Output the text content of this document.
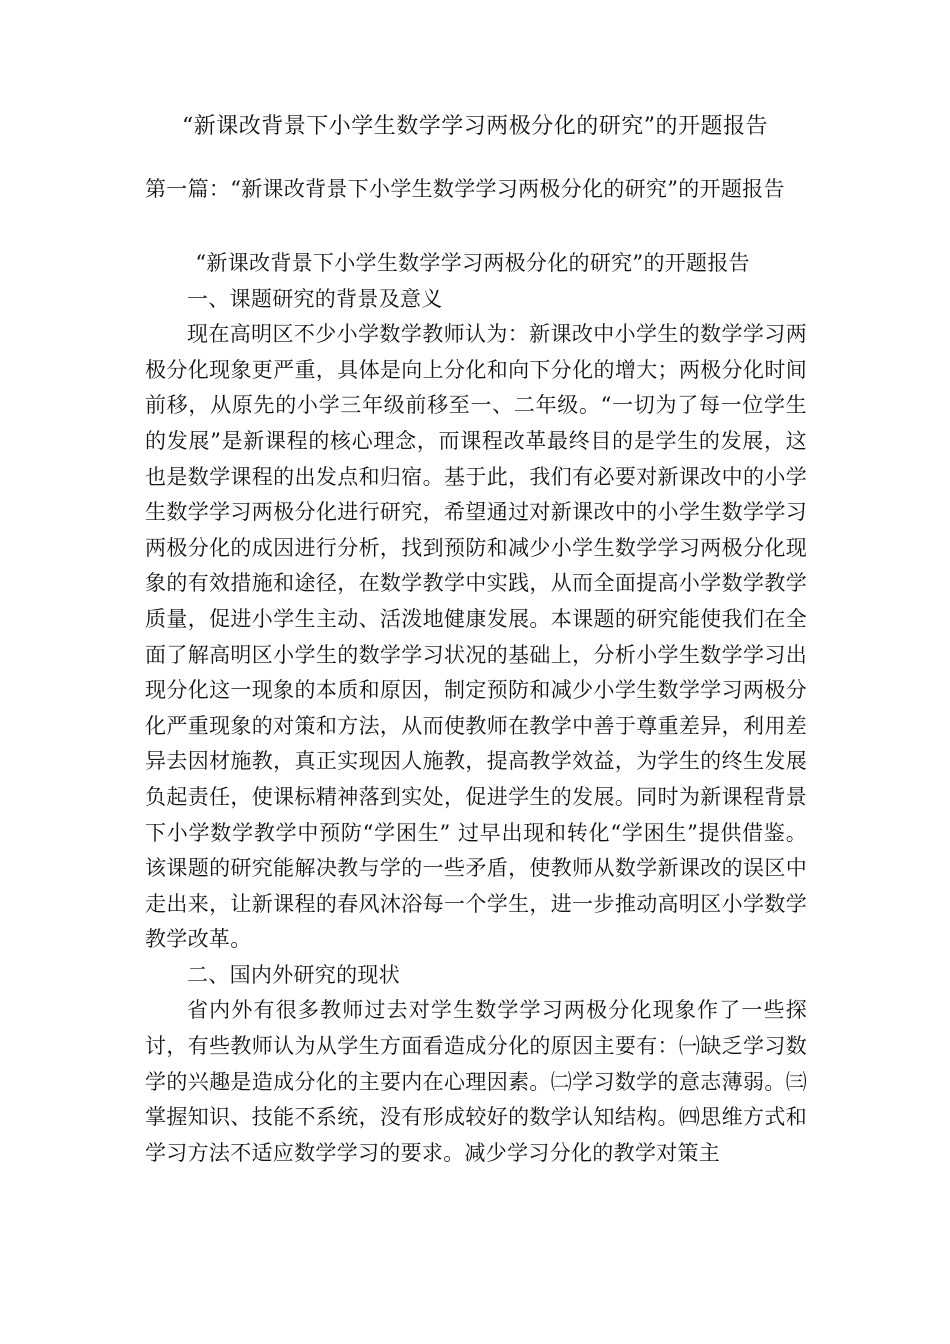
“新课改背景下小学生数学学习两极分化的研究”的开题报告
第一篇：“新课改背景下小学生数学学习两极分化的研究”的开题报告

“新课改背景下小学生数学学习两极分化的研究”的开题报告

一、课题研究的背景及意义

现在高明区不少小学数学教师认为：新课改中小学生的数学学习两极分化现象更严重，具体是向上分化和向下分化的增大；两极分化时间前移，从原先的小学三年级前移至一、二年级。“一切为了每一位学生的发展”是新课程的核心理念，而课程改革最终目的是学生的发展，这也是数学课程的出发点和归宿。基于此，我们有必要对新课改中的小学生数学学习两极分化进行研究，希望通过对新课改中的小学生数学学习两极分化的成因进行分析，找到预防和减少小学生数学学习两极分化现象的有效措施和途径，在数学教学中实践，从而全面提高小学数学教学质量，促进小学生主动、活泼地健康发展。本课题的研究能使我们在全面了解高明区小学生的数学学习状况的基础上，分析小学生数学学习出现分化这一现象的本质和原因，制定预防和减少小学生数学学习两极分化严重现象的对策和方法，从而使教师在教学中善于尊重差异，利用差异去因材施教，真正实现因人施教，提高教学效益，为学生的终生发展负起责任，使课标精神落到实处，促进学生的发展。同时为新课程背景下小学数学教学中预防“学困生” 过早出现和转化“学困生”提供借鉴。该课题的研究能解决教与学的一些矛盾，使教师从数学新课改的误区中走出来，让新课程的春风沐浴每一个学生，进一步推动高明区小学数学教学改革。

二、国内外研究的现状

省内外有很多教师过去对学生数学学习两极分化现象作了一些探讨，有些教师认为从学生方面看造成分化的原因主要有：㈠缺乏学习数学的兴趣是造成分化的主要内在心理因素。㈡学习数学的意志薄弱。㈢掌握知识、技能不系统，没有形成较好的数学认知结构。㈣思维方式和学习方法不适应数学学习的要求。减少学习分化的教学对策主
